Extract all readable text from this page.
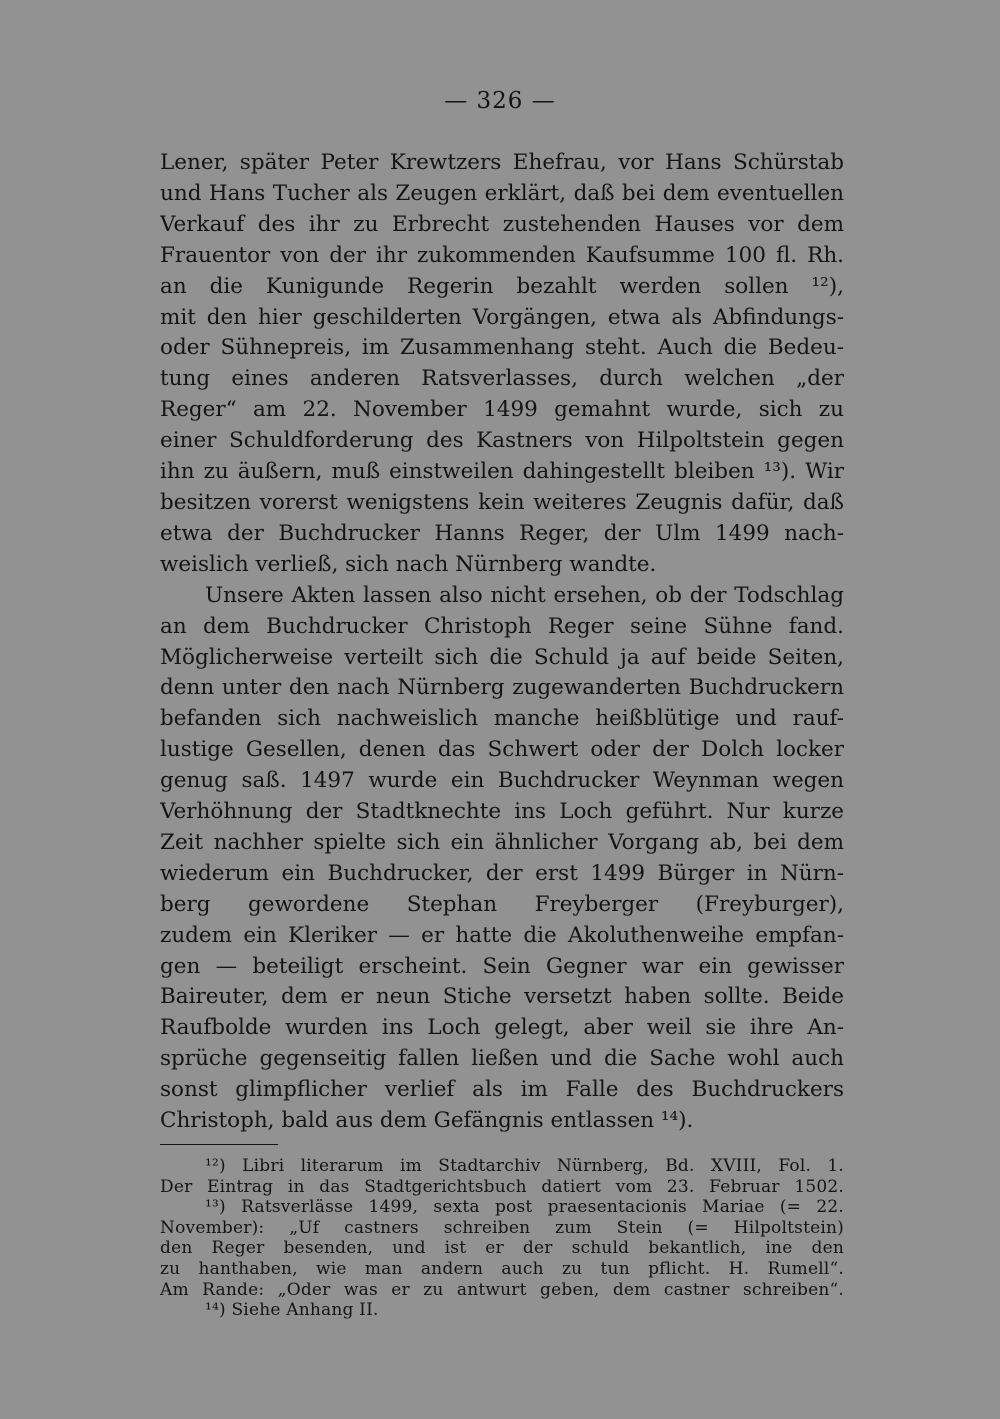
— 326 —
Lener, später Peter Krewtzers Ehefrau, vor Hans Schürstab
und Hans Tucher als Zeugen erklärt, daß bei dem eventuellen
Verkauf des ihr zu Erbrecht zustehenden Hauses vor dem
Frauentor von der ihr zukommenden Kaufsumme 100 fl. Rh.
an die Kunigunde Regerin bezahlt werden sollen ¹²),
mit den hier geschilderten Vorgängen, etwa als Abfindungs-
oder Sühnepreis, im Zusammenhang steht. Auch die Bedeu-
tung eines anderen Ratsverlasses, durch welchen „der
Reger“ am 22. November 1499 gemahnt wurde, sich zu
einer Schuldforderung des Kastners von Hilpoltstein gegen
ihn zu äußern, muß einstweilen dahingestellt bleiben ¹³). Wir
besitzen vorerst wenigstens kein weiteres Zeugnis dafür, daß
etwa der Buchdrucker Hanns Reger, der Ulm 1499 nach-
weislich verließ, sich nach Nürnberg wandte.
Unsere Akten lassen also nicht ersehen, ob der Todschlag
an dem Buchdrucker Christoph Reger seine Sühne fand.
Möglicherweise verteilt sich die Schuld ja auf beide Seiten,
denn unter den nach Nürnberg zugewanderten Buchdruckern
befanden sich nachweislich manche heißblütige und rauf-
lustige Gesellen, denen das Schwert oder der Dolch locker
genug saß. 1497 wurde ein Buchdrucker Weynman wegen
Verhöhnung der Stadtknechte ins Loch geführt. Nur kurze
Zeit nachher spielte sich ein ähnlicher Vorgang ab, bei dem
wiederum ein Buchdrucker, der erst 1499 Bürger in Nürn-
berg gewordene Stephan Freyberger (Freyburger),
zudem ein Kleriker — er hatte die Akoluthenweihe empfan-
gen — beteiligt erscheint. Sein Gegner war ein gewisser
Baireuter, dem er neun Stiche versetzt haben sollte. Beide
Raufbolde wurden ins Loch gelegt, aber weil sie ihre An-
sprüche gegenseitig fallen ließen und die Sache wohl auch
sonst glimpflicher verlief als im Falle des Buchdruckers
Christoph, bald aus dem Gefängnis entlassen ¹⁴).
¹²) Libri literarum im Stadtarchiv Nürnberg, Bd. XVIII, Fol. 1.
Der Eintrag in das Stadtgerichtsbuch datiert vom 23. Februar 1502.
¹³) Ratsverlässe 1499, sexta post praesentacionis Mariae (= 22.
November): „Uf castners schreiben zum Stein (= Hilpoltstein)
den Reger besenden, und ist er der schuld bekantlich, ine den
zu hanthaben, wie man andern auch zu tun pflicht. H. Rumell“.
Am Rande: „Oder was er zu antwurt geben, dem castner schreiben“.
¹⁴) Siehe Anhang II.
